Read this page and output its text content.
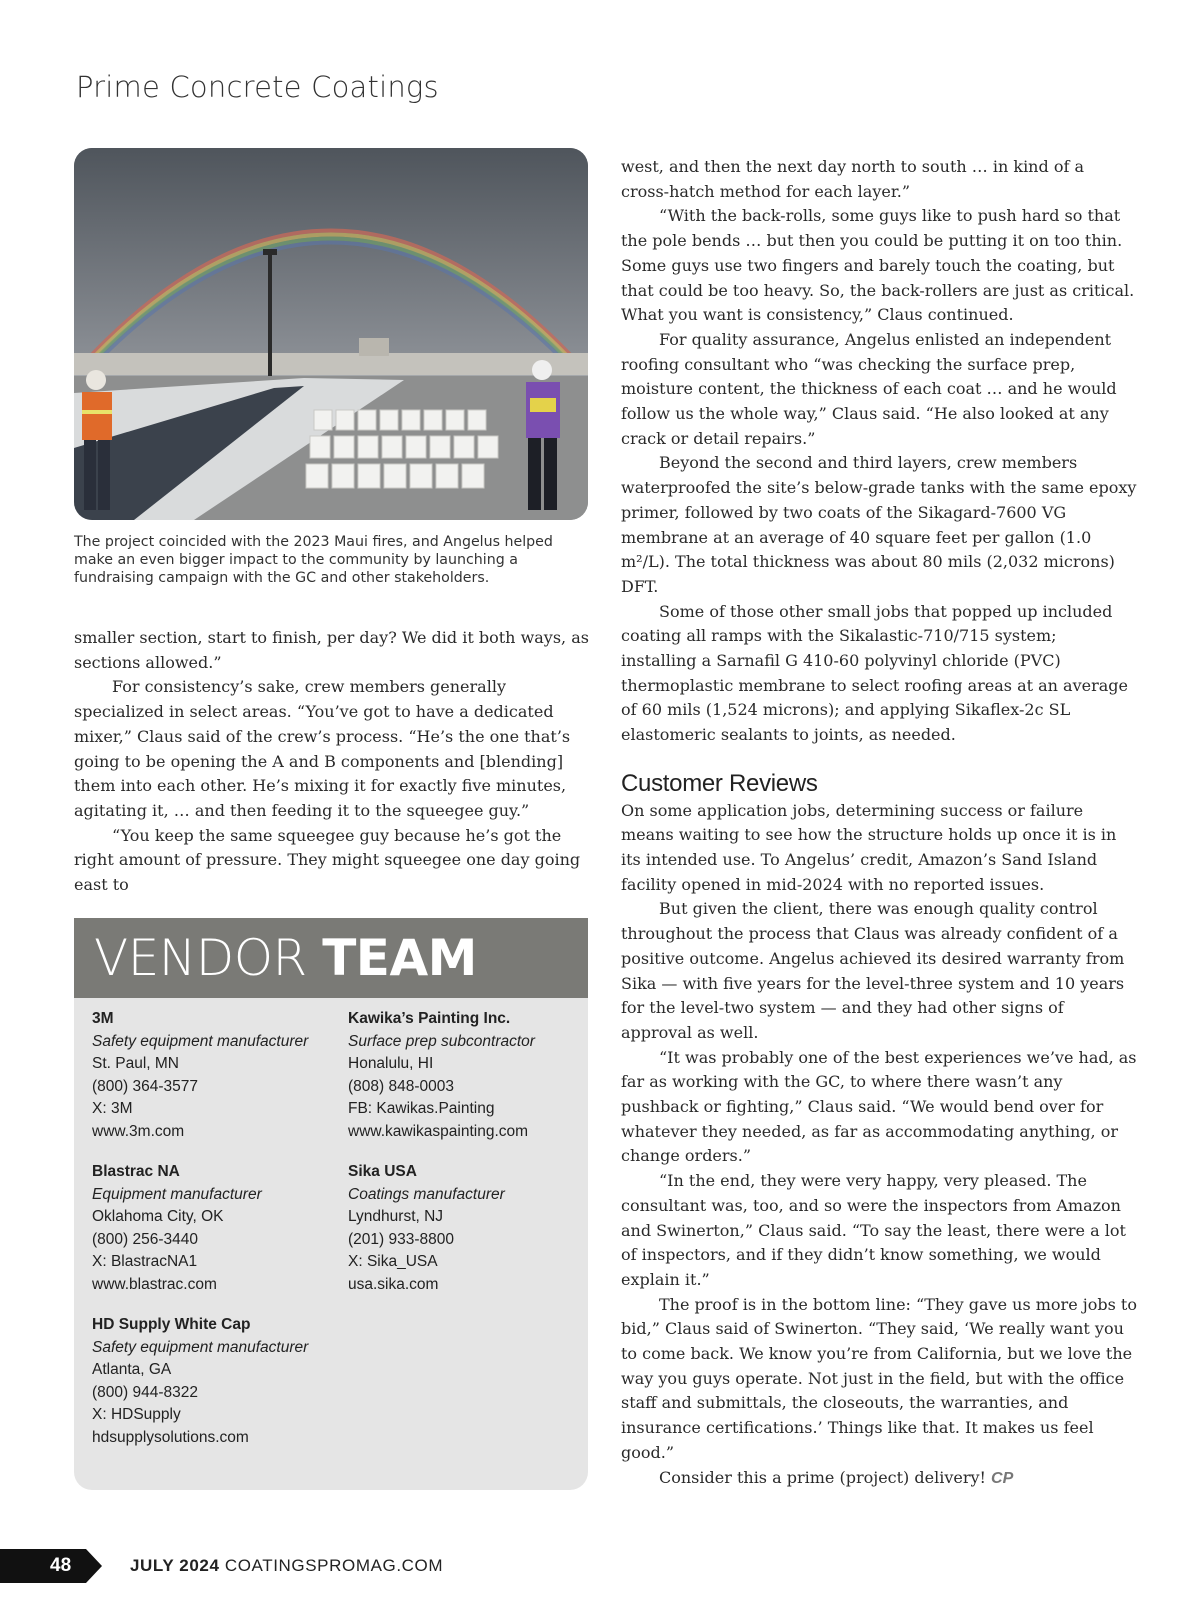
Prime Concrete Coatings

The project coincided with the 2023 Maui fires, and Angelus helped make an even bigger impact to the community by launching a fundraising campaign with the GC and other stakeholders.

smaller section, start to finish, per day? We did it both ways, as sections allowed.”

For consistency’s sake, crew members generally specialized in select areas. “You’ve got to have a dedicated mixer,” Claus said of the crew’s process. “He’s the one that’s going to be opening the A and B components and [blending] them into each other. He’s mixing it for exactly five minutes, agitating it, … and then feeding it to the squeegee guy.”

“You keep the same squeegee guy because he’s got the right amount of pressure. They might squeegee one day going east to

VENDOR TEAM
3M
Safety equipment manufacturer
St. Paul, MN
(800) 364-3577
X: 3M
www.3m.com
Blastrac NA
Equipment manufacturer
Oklahoma City, OK
(800) 256-3440
X: BlastracNA1
www.blastrac.com
HD Supply White Cap
Safety equipment manufacturer
Atlanta, GA
(800) 944-8322
X: HDSupply
hdsupplysolutions.com
Kawika’s Painting Inc.
Surface prep subcontractor
Honalulu, HI
(808) 848-0003
FB: Kawikas.Painting
www.kawikaspainting.com
Sika USA
Coatings manufacturer
Lyndhurst, NJ
(201) 933-8800
X: Sika_USA
usa.sika.com

west, and then the next day north to south … in kind of a cross-hatch method for each layer.”

“With the back-rolls, some guys like to push hard so that the pole bends … but then you could be putting it on too thin. Some guys use two fingers and barely touch the coating, but that could be too heavy. So, the back-rollers are just as critical. What you want is consistency,” Claus continued.

For quality assurance, Angelus enlisted an independent roofing consultant who “was checking the surface prep, moisture content, the thickness of each coat … and he would follow us the whole way,” Claus said. “He also looked at any crack or detail repairs.”

Beyond the second and third layers, crew members waterproofed the site’s below-grade tanks with the same epoxy primer, followed by two coats of the Sikagard-7600 VG membrane at an average of 40 square feet per gallon (1.0 m²/L). The total thickness was about 80 mils (2,032 microns) DFT.

Some of those other small jobs that popped up included coating all ramps with the Sikalastic-710/715 system; installing a Sarnafil G 410-60 polyvinyl chloride (PVC) thermoplastic membrane to select roofing areas at an average of 60 mils (1,524 microns); and applying Sikaflex-2c SL elastomeric sealants to joints, as needed.

Customer Reviews

On some application jobs, determining success or failure means waiting to see how the structure holds up once it is in its intended use. To Angelus’ credit, Amazon’s Sand Island facility opened in mid-2024 with no reported issues.

But given the client, there was enough quality control throughout the process that Claus was already confident of a positive outcome. Angelus achieved its desired warranty from Sika — with five years for the level-three system and 10 years for the level-two system — and they had other signs of approval as well.

“It was probably one of the best experiences we’ve had, as far as working with the GC, to where there wasn’t any pushback or fighting,” Claus said. “We would bend over for whatever they needed, as far as accommodating anything, or change orders.”

“In the end, they were very happy, very pleased. The consultant was, too, and so were the inspectors from Amazon and Swinerton,” Claus said. “To say the least, there were a lot of inspectors, and if they didn’t know something, we would explain it.”

The proof is in the bottom line: “They gave us more jobs to bid,” Claus said of Swinerton. “They said, ‘We really want you to come back. We know you’re from California, but we love the way you guys operate. Not just in the field, but with the office staff and submittals, the closeouts, the warranties, and insurance certifications.’ Things like that. It makes us feel good.”

Consider this a prime (project) delivery! CP

48	JULY 2024 COATINGSPROMAG.COM
